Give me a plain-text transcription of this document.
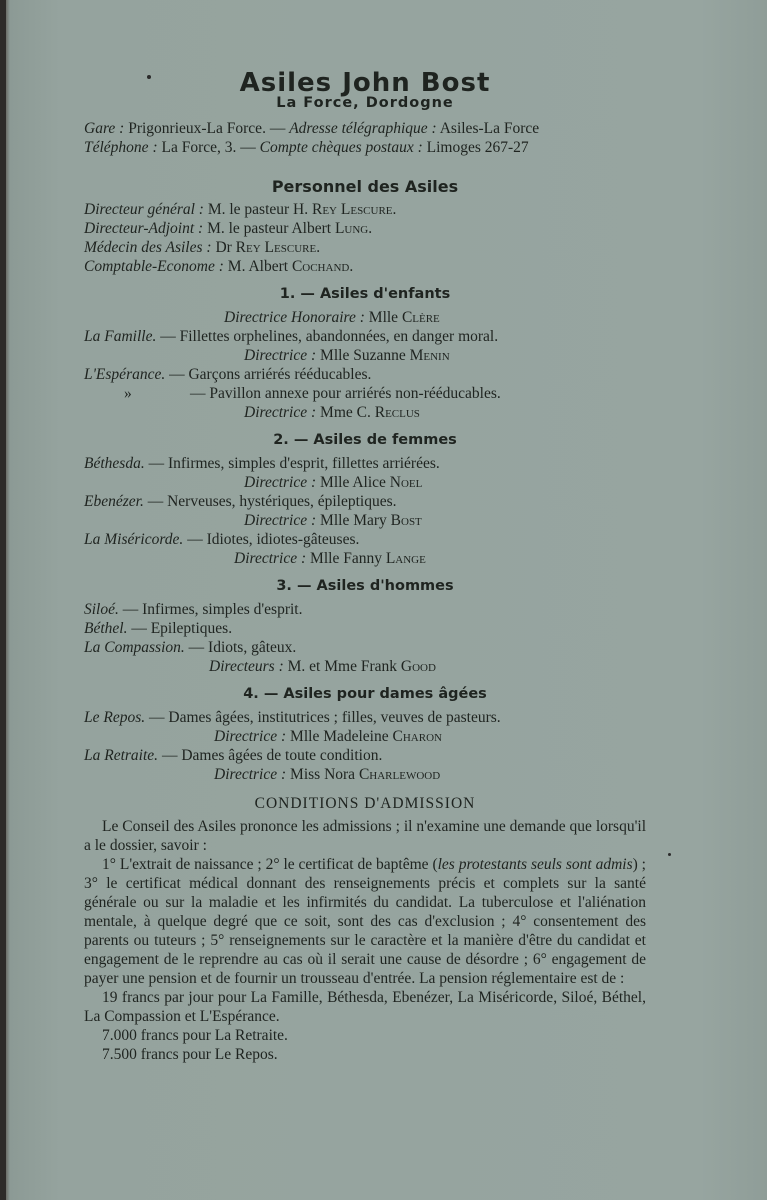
Asiles John Bost
La Force, Dordogne
Gare : Prigonrieux-La Force. — Adresse télégraphique : Asiles-La Force
Téléphone : La Force, 3. — Compte chèques postaux : Limoges 267-27
Personnel des Asiles
Directeur général : M. le pasteur H. Rey Lescure.
Directeur-Adjoint : M. le pasteur Albert Lung.
Médecin des Asiles : Dr Rey Lescure.
Comptable-Econome : M. Albert Cochand.
1. — Asiles d'enfants
Directrice Honoraire : Mlle Clère
La Famille. — Fillettes orphelines, abandonnées, en danger moral.
Directrice : Mlle Suzanne Menin
L'Espérance. — Garçons arriérés rééducables.
»	— Pavillon annexe pour arriérés non-rééducables.
Directrice : Mme C. Reclus
2. — Asiles de femmes
Béthesda. — Infirmes, simples d'esprit, fillettes arriérées.
Directrice : Mlle Alice Noel
Ebenézer. — Nerveuses, hystériques, épileptiques.
Directrice : Mlle Mary Bost
La Miséricorde. — Idiotes, idiotes-gâteuses.
Directrice : Mlle Fanny Lange
3. — Asiles d'hommes
Siloé. — Infirmes, simples d'esprit.
Béthel. — Epileptiques.
La Compassion. — Idiots, gâteux.
Directeurs : M. et Mme Frank Good
4. — Asiles pour dames âgées
Le Repos. — Dames âgées, institutrices ; filles, veuves de pasteurs.
Directrice : Mlle Madeleine Charon
La Retraite. — Dames âgées de toute condition.
Directrice : Miss Nora Charlewood
CONDITIONS D'ADMISSION
Le Conseil des Asiles prononce les admissions ; il n'examine une demande que lorsqu'il a le dossier, savoir :
1° L'extrait de naissance ; 2° le certificat de baptême (les protestants seuls sont admis) ; 3° le certificat médical donnant des renseignements précis et complets sur la santé générale ou sur la maladie et les infirmités du candidat. La tuberculose et l'aliénation mentale, à quelque degré que ce soit, sont des cas d'exclusion ; 4° consentement des parents ou tuteurs ; 5° renseignements sur le caractère et la manière d'être du candidat et engagement de le reprendre au cas où il serait une cause de désordre ; 6° engagement de payer une pension et de fournir un trousseau d'entrée. La pension réglementaire est de :
19 francs par jour pour La Famille, Béthesda, Ebenézer, La Miséricorde, Siloé, Béthel, La Compassion et L'Espérance.
7.000 francs pour La Retraite.
7.500 francs pour Le Repos.
